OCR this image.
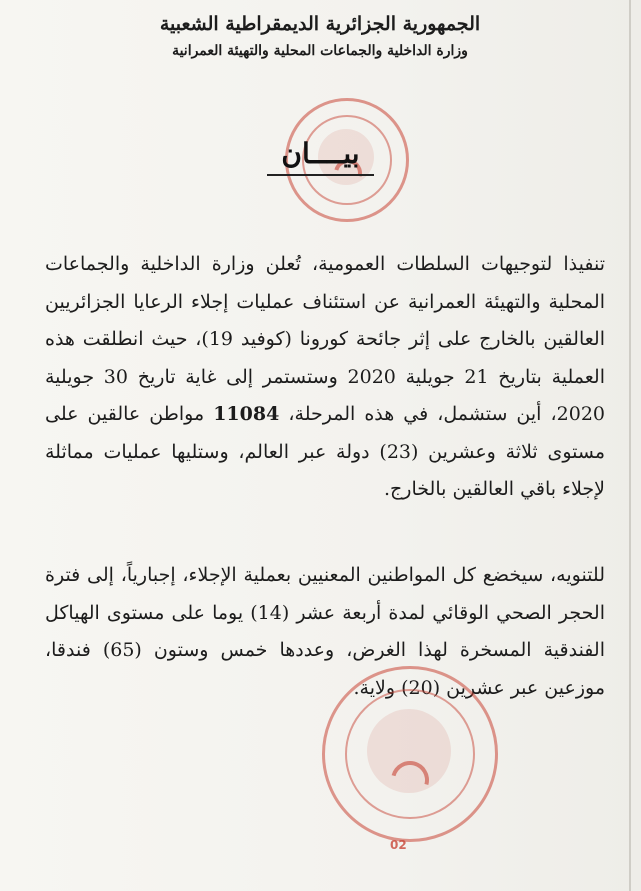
الجمهورية الجزائرية الديمقراطية الشعبية
وزارة الداخلية والجماعات المحلية والتهيئة العمرانية
بيــــان
تنفيذا لتوجيهات السلطات العمومية، تُعلن وزارة الداخلية والجماعات المحلية والتهيئة العمرانية عن استئناف عمليات إجلاء الرعايا الجزائريين العالقين بالخارج على إثر جائحة كورونا (كوفيد 19)، حيث انطلقت هذه العملية بتاريخ 21 جويلية 2020 وستستمر إلى غاية تاريخ 30 جويلية 2020، أين ستشمل، في هذه المرحلة، 11084 مواطن عالقين على مستوى ثلاثة وعشرين (23) دولة عبر العالم، وستليها عمليات مماثلة لإجلاء باقي العالقين بالخارج.
للتنويه، سيخضع كل المواطنين المعنيين بعملية الإجلاء، إجبارياً، إلى فترة الحجر الصحي الوقائي لمدة أربعة عشر (14) يوما على مستوى الهياكل الفندقية المسخرة لهذا الغرض، وعددها خمس وستون (65) فندقا، موزعين عبر عشرين (20) ولاية.
02
